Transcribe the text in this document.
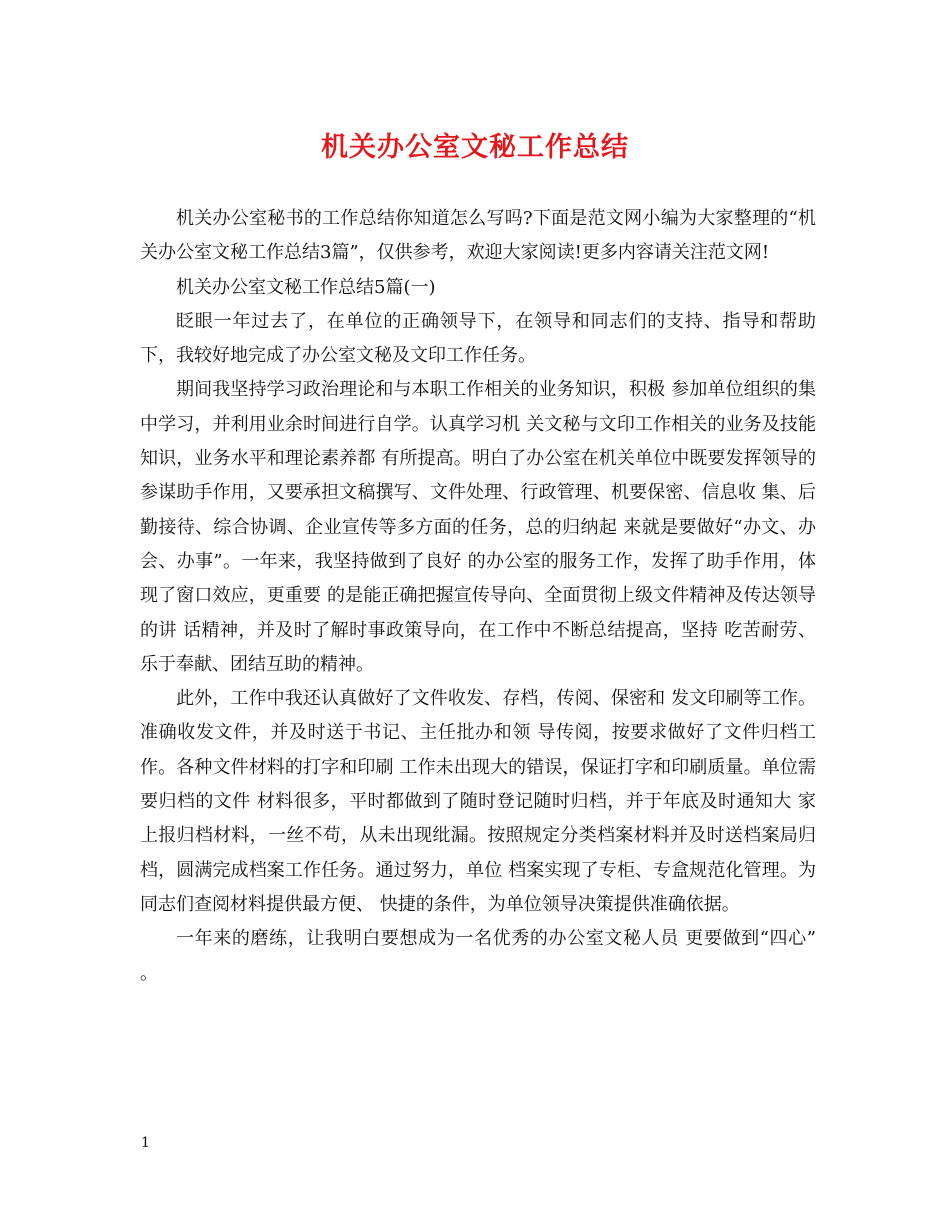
机关办公室文秘工作总结

机关办公室秘书的工作总结你知道怎么写吗?下面是范文网小编为大家整理的“机关办公室文秘工作总结3篇”，仅供参考，欢迎大家阅读!更多内容请关注范文网!

机关办公室文秘工作总结5篇(一)

眨眼一年过去了，在单位的正确领导下，在领导和同志们的支持、指导和帮助下，我较好地完成了办公室文秘及文印工作任务。

期间我坚持学习政治理论和与本职工作相关的业务知识，积极 参加单位组织的集中学习，并利用业余时间进行自学。认真学习机 关文秘与文印工作相关的业务及技能知识，业务水平和理论素养都 有所提高。明白了办公室在机关单位中既要发挥领导的参谋助手作用，又要承担文稿撰写、文件处理、行政管理、机要保密、信息收 集、后勤接待、综合协调、企业宣传等多方面的任务，总的归纳起 来就是要做好“办文、办会、办事”。一年来，我坚持做到了良好 的办公室的服务工作，发挥了助手作用，体现了窗口效应，更重要 的是能正确把握宣传导向、全面贯彻上级文件精神及传达领导的讲 话精神，并及时了解时事政策导向，在工作中不断总结提高，坚持 吃苦耐劳、乐于奉献、团结互助的精神。

此外，工作中我还认真做好了文件收发、存档，传阅、保密和 发文印刷等工作。准确收发文件，并及时送于书记、主任批办和领 导传阅，按要求做好了文件归档工作。各种文件材料的打字和印刷 工作未出现大的错误，保证打字和印刷质量。单位需要归档的文件 材料很多，平时都做到了随时登记随时归档，并于年底及时通知大 家上报归档材料，一丝不苟，从未出现纰漏。按照规定分类档案材料并及时送档案局归档，圆满完成档案工作任务。通过努力，单位 档案实现了专柜、专盒规范化管理。为同志们查阅材料提供最方便、 快捷的条件，为单位领导决策提供准确依据。

一年来的磨练，让我明白要想成为一名优秀的办公室文秘人员 更要做到“四心” 。

1
